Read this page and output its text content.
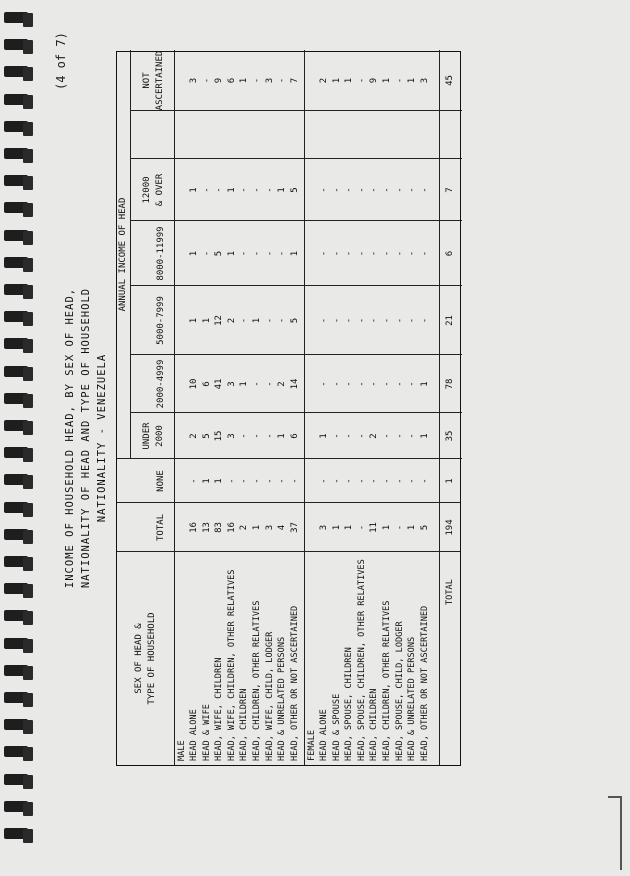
(4 of 7)
INCOME OF HOUSEHOLD HEAD, BY SEX OF HEAD, NATIONALITY OF HEAD AND TYPE OF HOUSEHOLD NATIONALITY - VENEZUELA
SEX OF HEAD & TYPE OF HOUSEHOLD
TOTAL
ANNUAL INCOME OF HEAD
NONE
UNDER 2000
2000-4999
5000-7999
8000-11999
12000 & OVER
NOT ASCERTAINED
MALE	FEMALE
TOTAL
HEAD ALONE
16
-
2
10
1
1
1
3
HEAD & WIFE
13
1
5
6
1
-
-
-
HEAD, WIFE, CHILDREN
83
1
15
41
12
5
-
9
HEAD, WIFE, CHILDREN, OTHER RELATIVES
16
-
3
3
2
1
1
6
HEAD, CHILDREN
2
-
-
1
-
-
-
1
HEAD, CHILDREN, OTHER RELATIVES
1
-
-
-
1
-
-
-
HEAD, WIFE, CHILD, LODGER
3
-
-
-
-
-
-
3
HEAD & UNRELATED PERSONS
4
-
1
2
-
-
1
-
HEAD, OTHER OR NOT ASCERTAINED
37
-
6
14
5
1
5
7
HEAD ALONE
3
-
1
-
-
-
-
2
HEAD & SPOUSE
1
-
-
-
-
-
-
1
HEAD, SPOUSE, CHILDREN
1
-
-
-
-
-
-
1
HEAD, SPOUSE, CHILDREN, OTHER RELATIVES
-
-
-
-
-
-
-
-
HEAD, CHILDREN
11
-
2
-
-
-
-
9
HEAD, CHILDREN, OTHER RELATIVES
1
-
-
-
-
-
-
1
HEAD, SPOUSE, CHILD, LODGER
-
-
-
-
-
-
-
-
HEAD & UNRELATED PERSONS
1
-
-
-
-
-
-
1
HEAD, OTHER OR NOT ASCERTAINED
5
-
1
1
-
-
-
3
194
1
35
78
21
6
7
45
